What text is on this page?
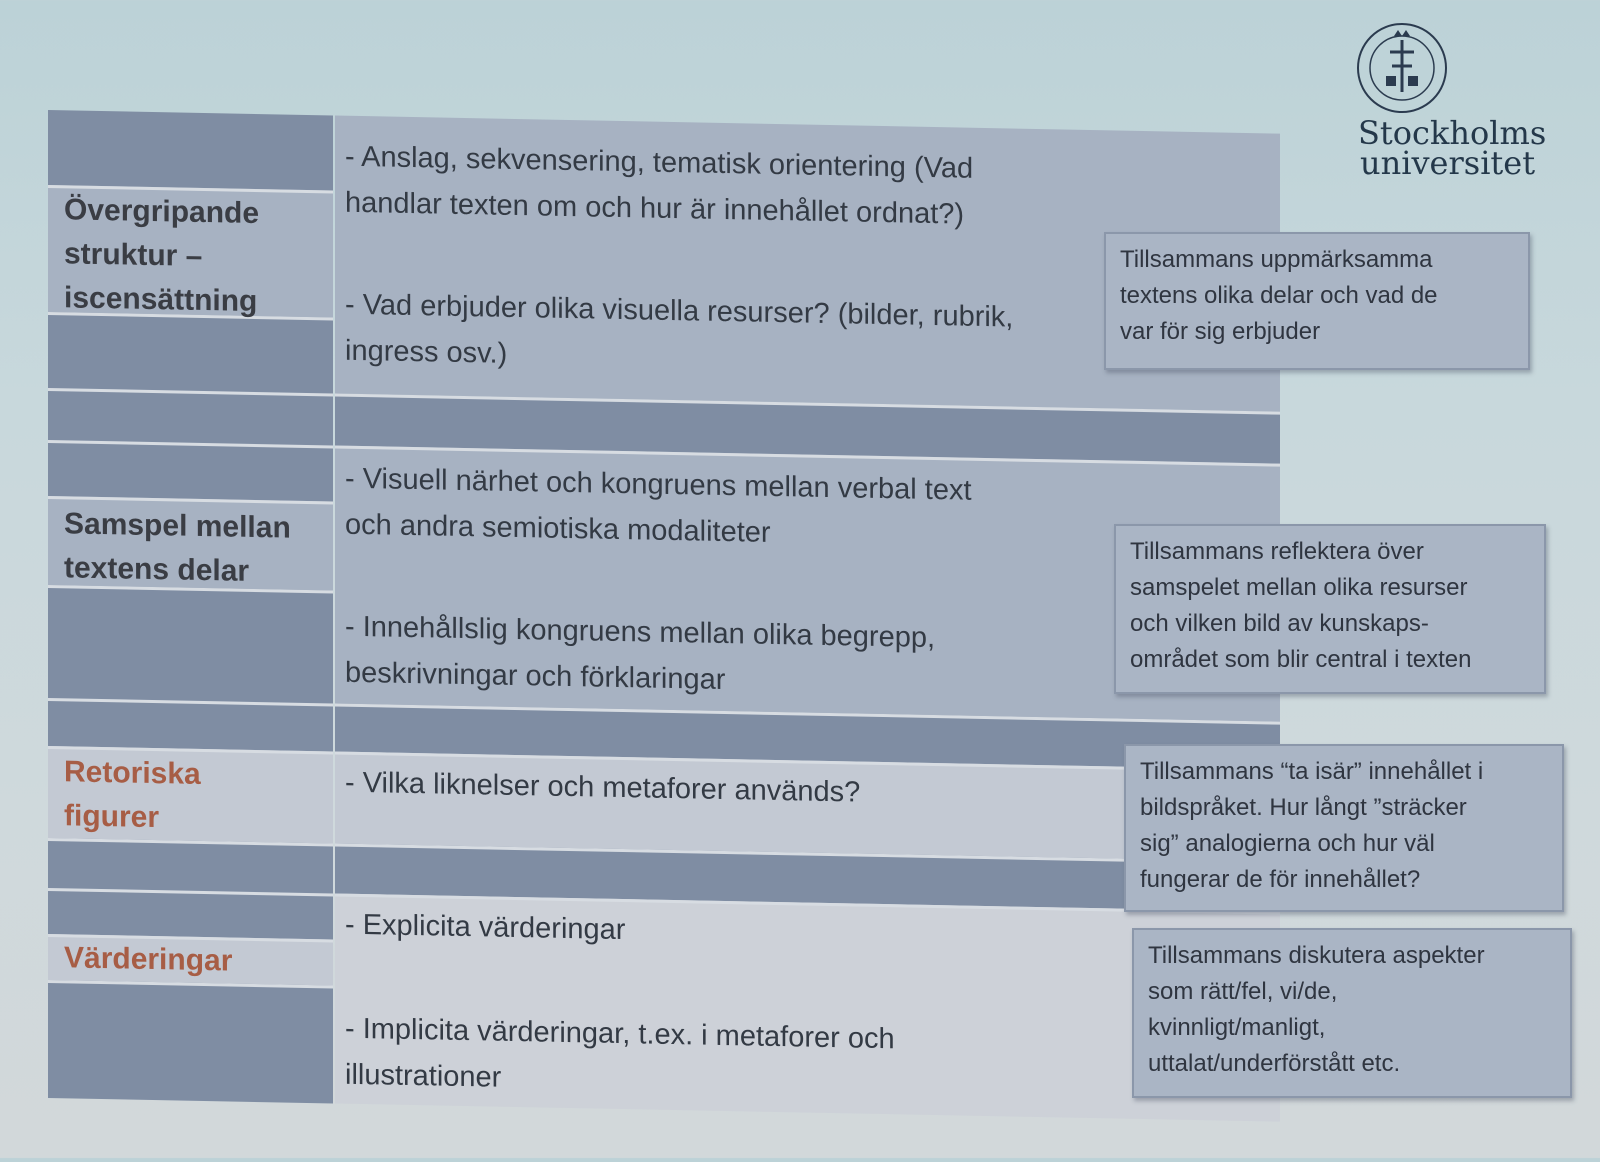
Stockholms
universitet
Övergripande
struktur –
iscensättning
Samspel mellan
textens delar
Retoriska
figurer
Värderingar
- Anslag, sekvensering, tematisk orientering (Vad
handlar texten om och hur är innehållet ordnat?)
- Vad erbjuder olika visuella resurser? (bilder, rubrik,
ingress osv.)
- Visuell närhet och kongruens mellan verbal text
och andra semiotiska modaliteter
- Innehållslig kongruens mellan olika begrepp,
beskrivningar och förklaringar
- Vilka liknelser och metaforer används?
- Explicita värderingar
- Implicita värderingar, t.ex. i metaforer och
illustrationer
Tillsammans uppmärksamma
textens olika delar och vad de
var för sig erbjuder
Tillsammans reflektera över
samspelet mellan olika resurser
och vilken bild av kunskaps-
området som blir central i texten
Tillsammans “ta isär” innehållet i
bildspråket. Hur långt ”sträcker
sig” analogierna och hur väl
fungerar de för innehållet?
Tillsammans diskutera aspekter
som rätt/fel, vi/de,
kvinnligt/manligt,
uttalat/underförstått etc.
